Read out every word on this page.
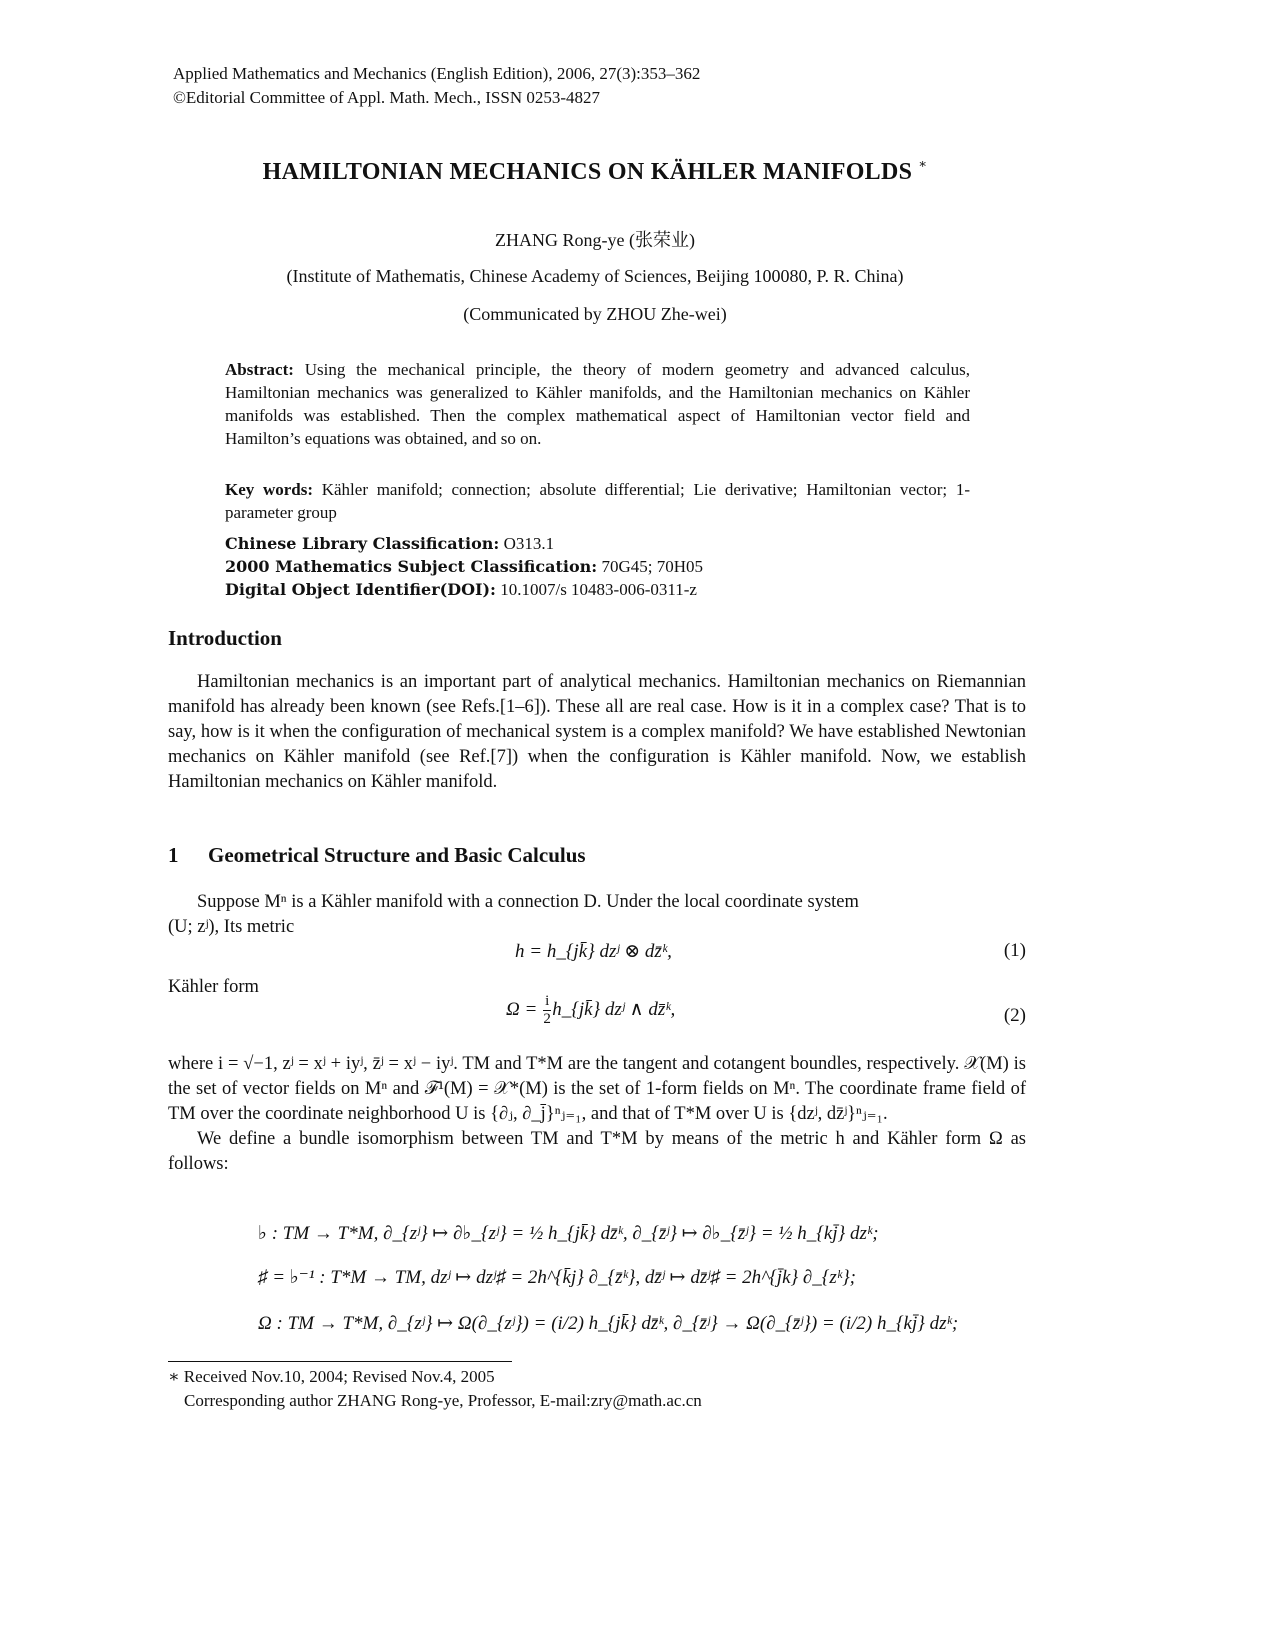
Applied Mathematics and Mechanics (English Edition), 2006, 27(3):353–362
©Editorial Committee of Appl. Math. Mech., ISSN 0253-4827
HAMILTONIAN MECHANICS ON KÄHLER MANIFOLDS ∗
ZHANG Rong-ye (张荣业)
(Institute of Mathematis, Chinese Academy of Sciences, Beijing 100080, P. R. China)
(Communicated by ZHOU Zhe-wei)
Abstract: Using the mechanical principle, the theory of modern geometry and advanced calculus, Hamiltonian mechanics was generalized to Kähler manifolds, and the Hamiltonian mechanics on Kähler manifolds was established. Then the complex mathematical aspect of Hamiltonian vector field and Hamilton’s equations was obtained, and so on.
Key words: Kähler manifold; connection; absolute differential; Lie derivative; Hamiltonian vector; 1-parameter group
Chinese Library Classification: O313.1
2000 Mathematics Subject Classification: 70G45; 70H05
Digital Object Identifier(DOI): 10.1007/s 10483-006-0311-z
Introduction

Hamiltonian mechanics is an important part of analytical mechanics. Hamiltonian mechanics on Riemannian manifold has already been known (see Refs.[1–6]). These all are real case. How is it in a complex case? That is to say, how is it when the configuration of mechanical system is a complex manifold? We have established Newtonian mechanics on Kähler manifold (see Ref.[7]) when the configuration is Kähler manifold. Now, we establish Hamiltonian mechanics on Kähler manifold.

1 Geometrical Structure and Basic Calculus

Suppose Mⁿ is a Kähler manifold with a connection D. Under the local coordinate system

(U; zʲ), Its metric
h = h_{jk̄} dzʲ ⊗ dz̄ᵏ,	(1)
Kähler form
$\Omega = \frac{i}{2}$ h_{jk̄} dzʲ ∧ dz̄ᵏ,	(2)
where i = √−1, zʲ = xʲ + iyʲ, z̄ʲ = xʲ − iyʲ. TM and T*M are the tangent and cotangent boundles, respectively. 𝒳(M) is the set of vector fields on Mⁿ and ℱ¹(M) = 𝒳*(M) is the set of 1-form fields on Mⁿ. The coordinate frame field of TM over the coordinate neighborhood U is {∂ⱼ, ∂_j̄}ⁿⱼ₌₁, and that of T*M over U is {dzʲ, dz̄ʲ}ⁿⱼ₌₁.

We define a bundle isomorphism between TM and T*M by means of the metric h and Kähler form Ω as follows:

♭ : TM → T*M, ∂_{zʲ} ↦ ∂♭_{zʲ} = ½ h_{jk̄} dz̄ᵏ, ∂_{z̄ʲ} ↦ ∂♭_{z̄ʲ} = ½ h_{kj̄} dzᵏ;
♯ = ♭⁻¹ : T*M → TM, dzʲ ↦ dzʲ♯ = 2h^{k̄j} ∂_{z̄ᵏ}, dz̄ʲ ↦ dz̄ʲ♯ = 2h^{j̄k} ∂_{zᵏ};
Ω : TM → T*M, ∂_{zʲ} ↦ Ω(∂_{zʲ}) = (i/2) h_{jk̄} dz̄ᵏ, ∂_{z̄ʲ} → Ω(∂_{z̄ʲ}) = (i/2) h_{kj̄} dzᵏ;
∗ Received Nov.10, 2004; Revised Nov.4, 2005
Corresponding author ZHANG Rong-ye, Professor, E-mail:zry@math.ac.cn
